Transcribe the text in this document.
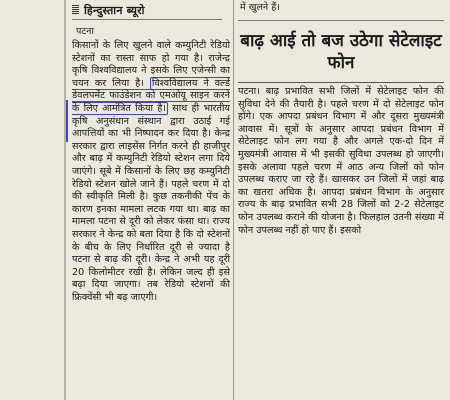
हिन्दुस्तान ब्यूरो
पटना
किसानों के लिए खुलने वाले कम्युनिटी रेडियो स्टेशनों का रास्ता साफ हो गया है। राजेन्द्र कृषि विश्वविद्यालय ने इसके लिए एजेन्सी का चयन कर लिया है। विश्वविद्यालय ने वर्ल्ड डेवलपमेंट फाउंडेशन को एमओयू साइन करने के लिए आमंत्रित किया है। साथ ही भारतीय कृषि अनुसंधान संस्थान द्वारा उठाई गई आपत्तियों का भी निष्पादन कर दिया है। केन्द्र सरकार द्वारा लाइसेंस निर्गत करने ही हाजीपुर और बाढ़ में कम्युनिटी रेडियो स्टेशन लगा दिये जाएंगे। सूबे में किसानों के लिए छह कम्युनिटी रेडियो स्टेशन खोले जाने हैं। पहले चरण में दो की स्वीकृति मिली है। कुछ तकनीकी पेंच के कारण इनका मामला लटक गया था। बाढ़ का मामला पटना से दूरी को लेकर फंसा था। राज्य सरकार ने केन्द्र को बता दिया है कि दो स्टेशनों के बीच के लिए निर्धारित दूरी से ज्यादा है पटना से बाढ़ की दूरी। केन्द्र ने अभी यह दूरी 20 किलोमीटर रखी है। लेकिन जल्द ही इसे बढ़ा दिया जाएगा। तब रेडियो स्टेशनों की फ्रिक्वेंसी भी बढ़ जाएगी।
में खुलने हैं।
बाढ़ आई तो बज उठेगा सेटेलाइट फोन
पटना। बाढ़ प्रभावित सभी जिलों में सेटेलाइट फोन की सुविधा देने की तैयारी है। पहले चरण में दो सेटेलाइट फोन होंगे। एक आपदा प्रबंधन विभाग में और दूसरा मुख्यमंत्री आवास में। सूत्रों के अनुसार आपदा प्रबंधन विभाग में सेटेलाइट फोन लग गया है और अगले एक-दो दिन में मुख्यमंत्री आवास में भी इसकी सुविधा उपलब्ध हो जाएगी। इसके अलावा पहले चरण में आठ अन्य जिलों को फोन उपलब्ध कराए जा रहे हैं। खासकर उन जिलों में जहां बाढ़ का खतरा अधिक है। आपदा प्रबंधन विभाग के अनुसार राज्य के बाढ़ प्रभावित सभी 28 जिलों को 2-2 सेटेलाइट फोन उपलब्ध कराने की योजना है। फिलहाल उतनी संख्या में फोन उपलब्ध नहीं हो पाए हैं। इसको
